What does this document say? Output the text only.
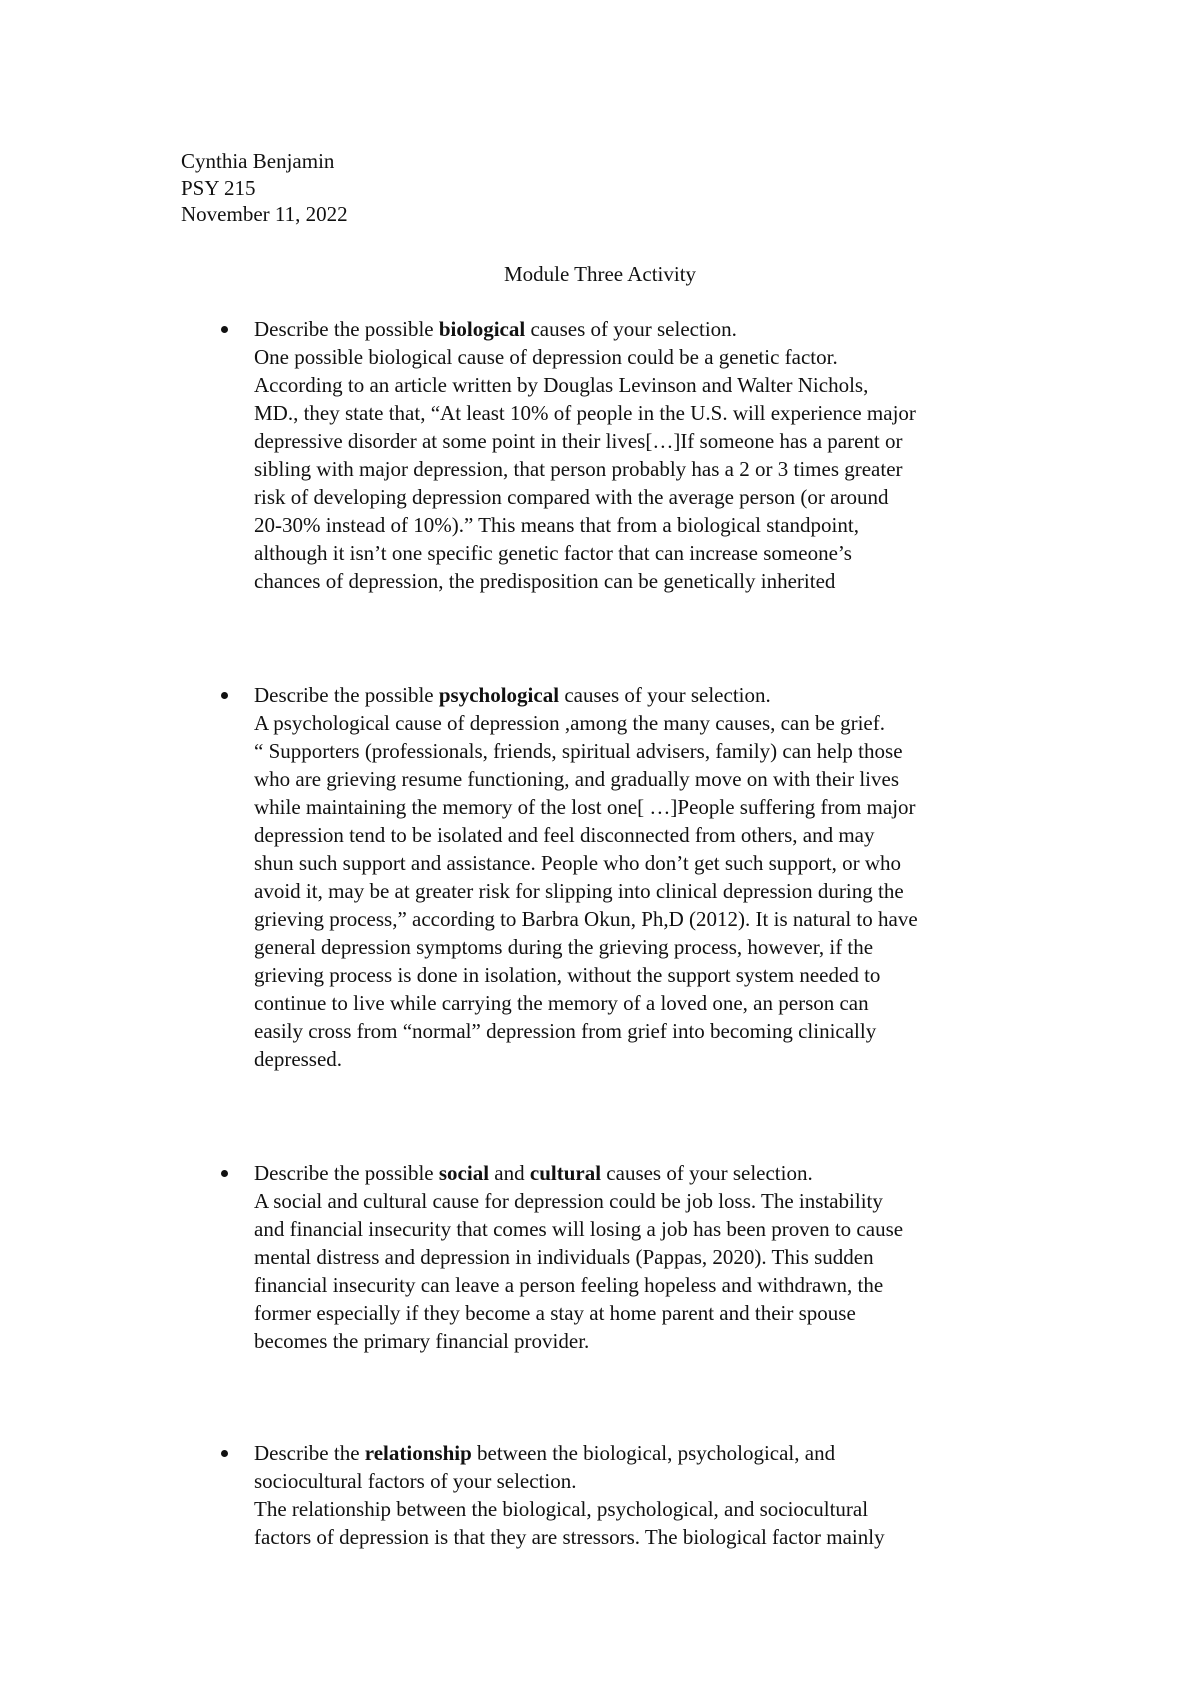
Cynthia Benjamin
PSY 215
November 11, 2022
Module Three Activity

Describe the possible biological causes of your selection.

One possible biological cause of depression could be a genetic factor.
According to an article written by Douglas Levinson and Walter Nichols,
MD., they state that, “At least 10% of people in the U.S. will experience major
depressive disorder at some point in their lives[…]If someone has a parent or
sibling with major depression, that person probably has a 2 or 3 times greater
risk of developing depression compared with the average person (or around
20-30% instead of 10%).” This means that from a biological standpoint,
although it isn’t one specific genetic factor that can increase someone’s
chances of depression, the predisposition can be genetically inherited

Describe the possible psychological causes of your selection.

A psychological cause of depression ,among the many causes, can be grief.
“ Supporters (professionals, friends, spiritual advisers, family) can help those
who are grieving resume functioning, and gradually move on with their lives
while maintaining the memory of the lost one[ …]People suffering from major
depression tend to be isolated and feel disconnected from others, and may
shun such support and assistance. People who don’t get such support, or who
avoid it, may be at greater risk for slipping into clinical depression during the
grieving process,” according to Barbra Okun, Ph,D (2012). It is natural to have
general depression symptoms during the grieving process, however, if the
grieving process is done in isolation, without the support system needed to
continue to live while carrying the memory of a loved one, an person can
easily cross from “normal” depression from grief into becoming clinically
depressed.

Describe the possible social and cultural causes of your selection.

A social and cultural cause for depression could be job loss. The instability
and financial insecurity that comes will losing a job has been proven to cause
mental distress and depression in individuals (Pappas, 2020). This sudden
financial insecurity can leave a person feeling hopeless and withdrawn, the
former especially if they become a stay at home parent and their spouse
becomes the primary financial provider.

Describe the relationship between the biological, psychological, and
sociocultural factors of your selection.

The relationship between the biological, psychological, and sociocultural
factors of depression is that they are stressors. The biological factor mainly
